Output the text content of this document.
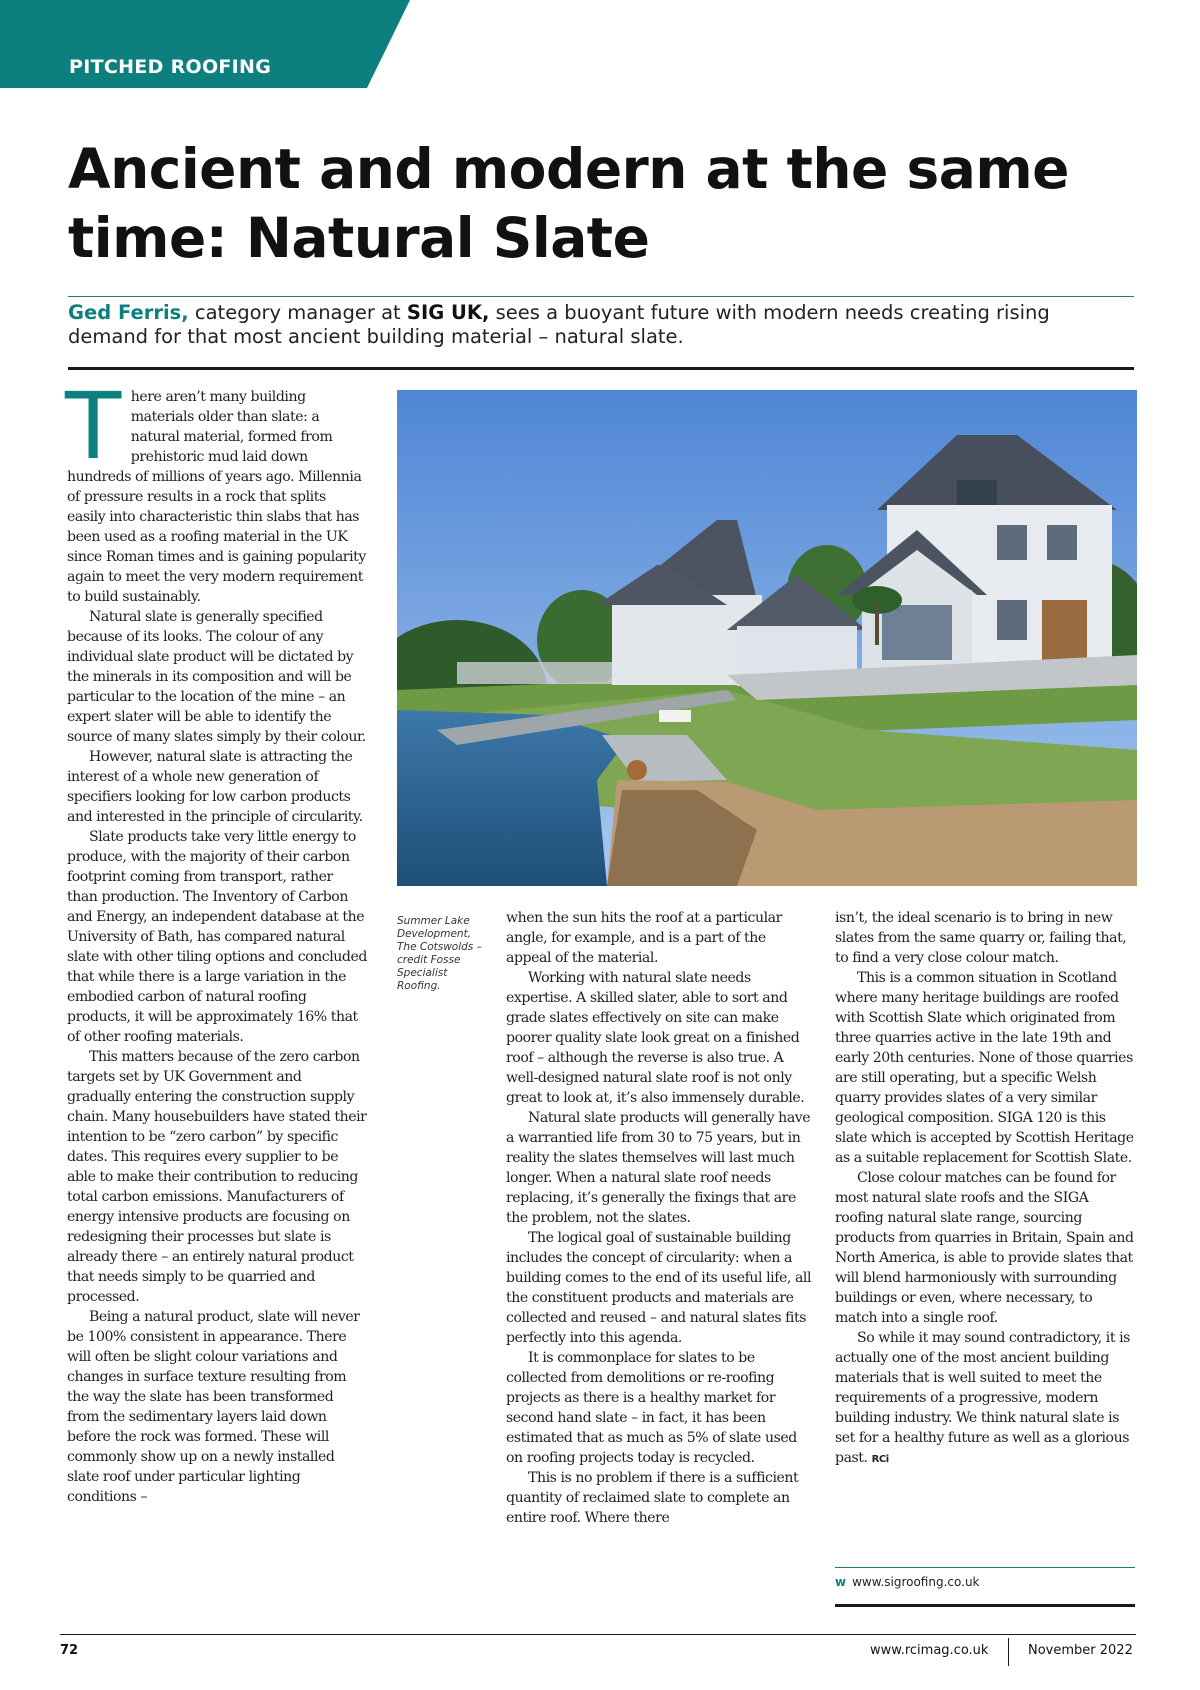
PITCHED ROOFING
Ancient and modern at the same time: Natural Slate

Ged Ferris, category manager at SIG UK, sees a buoyant future with modern needs creating rising demand for that most ancient building material – natural slate.

There aren’t many building materials older than slate: a natural material, formed from prehistoric mud laid down hundreds of millions of years ago. Millennia of pressure results in a rock that splits easily into characteristic thin slabs that has been used as a roofing material in the UK since Roman times and is gaining popularity again to meet the very modern requirement to build sustainably.

Natural slate is generally specified because of its looks. The colour of any individual slate product will be dictated by the minerals in its composition and will be particular to the location of the mine – an expert slater will be able to identify the source of many slates simply by their colour.

However, natural slate is attracting the interest of a whole new generation of specifiers looking for low carbon products and interested in the principle of circularity.

Slate products take very little energy to produce, with the majority of their carbon footprint coming from transport, rather than production. The Inventory of Carbon and Energy, an independent database at the University of Bath, has compared natural slate with other tiling options and concluded that while there is a large variation in the embodied carbon of natural roofing products, it will be approximately 16% that of other roofing materials.

This matters because of the zero carbon targets set by UK Government and gradually entering the construction supply chain. Many housebuilders have stated their intention to be “zero carbon” by specific dates. This requires every supplier to be able to make their contribution to reducing total carbon emissions. Manufacturers of energy intensive products are focusing on redesigning their processes but slate is already there – an entirely natural product that needs simply to be quarried and processed.

Being a natural product, slate will never be 100% consistent in appearance. There will often be slight colour variations and changes in surface texture resulting from the way the slate has been transformed from the sedimentary layers laid down before the rock was formed. These will commonly show up on a newly installed slate roof under particular lighting conditions –

Summer Lake Development, The Cotswolds – credit Fosse Specialist Roofing.

when the sun hits the roof at a particular angle, for example, and is a part of the appeal of the material.

Working with natural slate needs expertise. A skilled slater, able to sort and grade slates effectively on site can make poorer quality slate look great on a finished roof – although the reverse is also true. A well-designed natural slate roof is not only great to look at, it’s also immensely durable.

Natural slate products will generally have a warrantied life from 30 to 75 years, but in reality the slates themselves will last much longer. When a natural slate roof needs replacing, it’s generally the fixings that are the problem, not the slates.

The logical goal of sustainable building includes the concept of circularity: when a building comes to the end of its useful life, all the constituent products and materials are collected and reused – and natural slates fits perfectly into this agenda.

It is commonplace for slates to be collected from demolitions or re-roofing projects as there is a healthy market for second hand slate – in fact, it has been estimated that as much as 5% of slate used on roofing projects today is recycled.

This is no problem if there is a sufficient quantity of reclaimed slate to complete an entire roof. Where there

isn’t, the ideal scenario is to bring in new slates from the same quarry or, failing that, to find a very close colour match.

This is a common situation in Scotland where many heritage buildings are roofed with Scottish Slate which originated from three quarries active in the late 19th and early 20th centuries. None of those quarries are still operating, but a specific Welsh quarry provides slates of a very similar geological composition. SIGA 120 is this slate which is accepted by Scottish Heritage as a suitable replacement for Scottish Slate.

Close colour matches can be found for most natural slate roofs and the SIGA roofing natural slate range, sourcing products from quarries in Britain, Spain and North America, is able to provide slates that will blend harmoniously with surrounding buildings or even, where necessary, to match into a single roof.

So while it may sound contradictory, it is actually one of the most ancient building materials that is well suited to meet the requirements of a progressive, modern building industry. We think natural slate is set for a healthy future as well as a glorious past. RCi

w www.sigroofing.co.uk
72	www.rcimag.co.uk	November 2022
